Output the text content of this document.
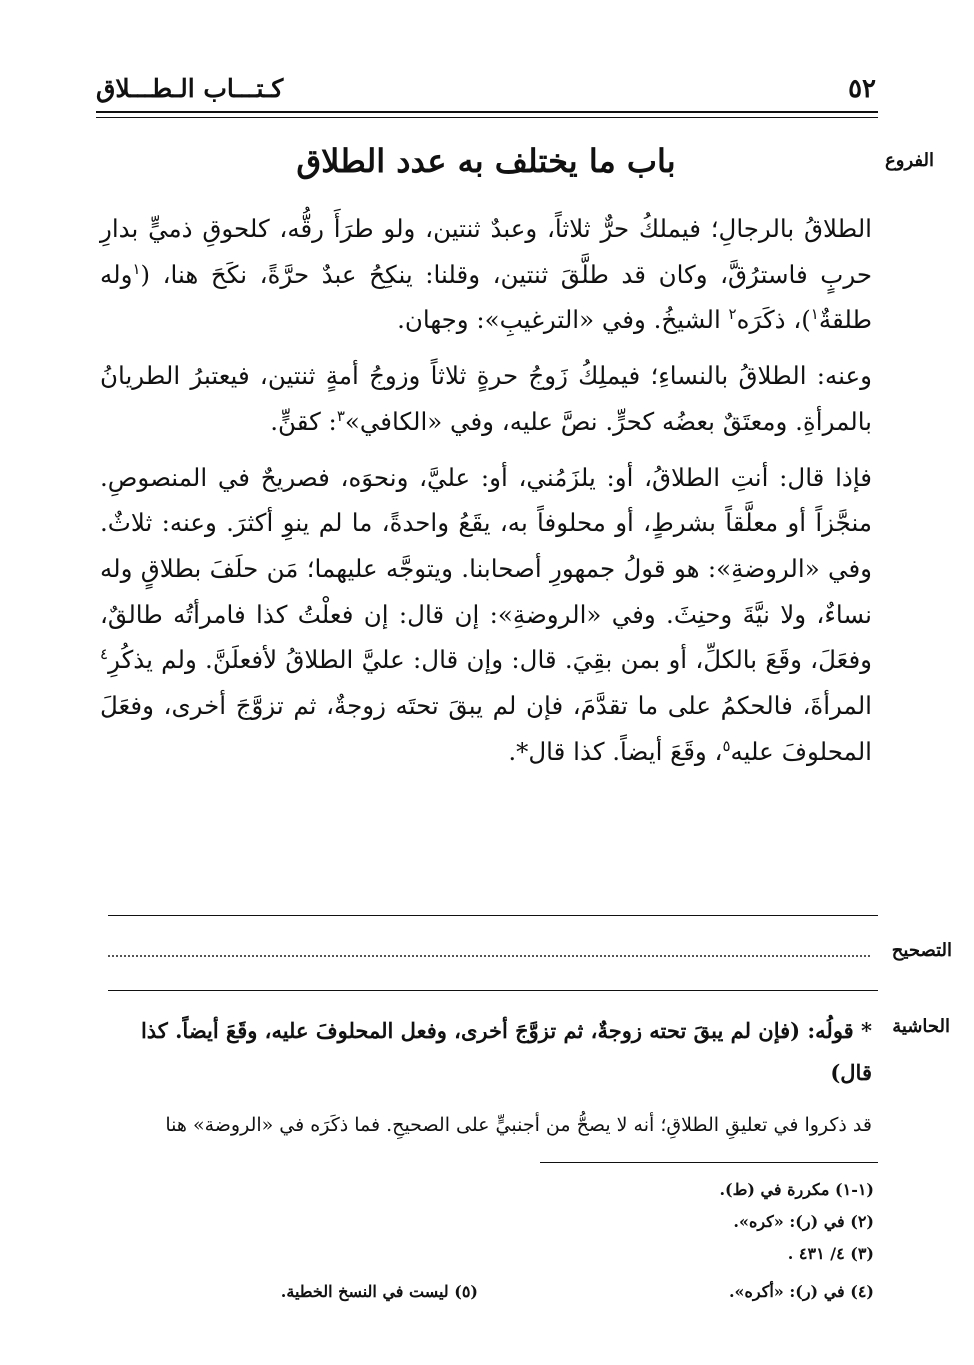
٥٢
كـتـــاب الـطـــلاق
الفروع
باب ما يختلف به عدد الطلاق

الطلاقُ بالرجالِ؛ فيملكُ حرٌّ ثلاثاً، وعبدٌ ثنتين، ولو طرَأَ رقُّه، كلحوقِ ذميٍّ بدارِ حربٍ فاسترُقَّ، وكان قد طلَّقَ ثنتين، وقلنا: ينكِحُ عبدٌ حرَّةً، نكَحَ هنا، ($^١$وله طلقةٌ$^١$)، ذكَرَه$^٢$ الشيخُ. وفي «الترغيبِ»: وجهان.

وعنه: الطلاقُ بالنساءِ؛ فيملِكُ زَوجُ حرةٍ ثلاثاً وزوجُ أمةٍ ثنتين، فيعتبرُ الطريانُ بالمرأةِ. ومعتَقٌ بعضُه كحرٍّ. نصَّ عليه، وفي «الكافي»$^٣$: كقنٍّ.

فإذا قال: أنتِ الطلاقُ، أو: يلزَمُني، أو: عليَّ، ونحوَه، فصريحٌ في المنصوصِ. منجَّزاً أو معلَّقاً بشرطٍ، أو محلوفاً به، يقَعُ واحدةً، ما لم ينوِ أكثرَ. وعنه: ثلاثٌ. وفي «الروضةِ»: هو قولُ جمهورِ أصحابنا. ويتوجَّه عليهما؛ مَن حلَفَ بطلاقٍ وله نساءٌ، ولا نيَّةَ وحنِثَ. وفي «الروضةِ»: إن قال: إن فعلْتُ كذا فامرأتُه طالقٌ، وفعَلَ، وقَعَ بالكلِّ، أو بمن بقِيَ. قال: وإن قال: عليَّ الطلاقُ لأفعلَنَّ. ولم يذكُرِ$^٤$ المرأةَ، فالحكمُ على ما تقدَّمَ، فإن لم يبقَ تحتَه زوجةٌ، ثم تزوَّجَ أخرى، وفعَلَ المحلوفَ عليه$^٥$، وقَعَ أيضاً. كذا قال*.

التصحيح
الحاشية
* قولُه: (فإن لم يبقَ تحته زوجةٌ، ثم تزوَّجَ أخرى، وفعل المحلوفَ عليه، وقَعَ أيضاً. كذا قال)
قد ذكروا في تعليقِ الطلاقِ؛ أنه لا يصحُّ من أجنبيٍّ على الصحيحِ. فما ذكَرَه في «الروضة» هنا
(١-١) مكررة في (ط).
(٢) في (ر): «كره».
(٣) ٤/ ٤٣١ .
(٤) في (ر): «أكره».
(٥) ليست في النسخ الخطية.
